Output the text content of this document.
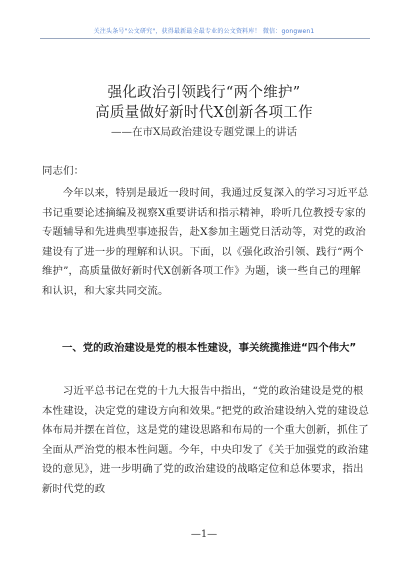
关注头条号"公文研究"，获得最新最全最专业的公文资料库！ 微信：gongwen1
强化政治引领践行“两个维护”
高质量做好新时代X创新各项工作
——在市X局政治建设专题党课上的讲话
同志们：
今年以来，特别是最近一段时间，我通过反复深入的学习习近平总书记重要论述摘编及视察X重要讲话和指示精神，聆听几位教授专家的专题辅导和先进典型事迹报告，赴X参加主题党日活动等，对党的政治建设有了进一步的理解和认识。下面，以《强化政治引领、践行“两个维护”，高质量做好新时代X创新各项工作》为题，谈一些自己的理解和认识，和大家共同交流。
一、党的政治建设是党的根本性建设，事关统揽推进“四个伟大”
习近平总书记在党的十九大报告中指出，“党的政治建设是党的根本性建设，决定党的建设方向和效果。”把党的政治建设纳入党的建设总体布局并摆在首位，这是党的建设思路和布局的一个重大创新，抓住了全面从严治党的根本性问题。今年，中央印发了《关于加强党的政治建设的意见》，进一步明确了党的政治建设的战略定位和总体要求，指出新时代党的政
—1—
